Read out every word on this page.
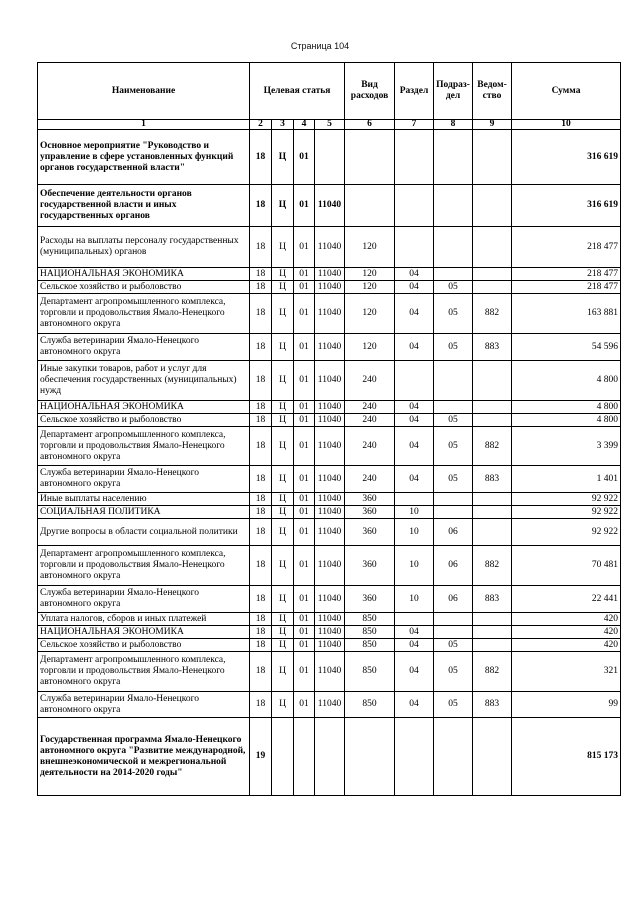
Страница 104
Наименование	Целевая статья				Вид расходов	Раздел	Подраз-дел	Ведом-ство	Сумма
1	2	3	4	5	6	7	8	9	10
Основное мероприятие "Руководство и управление в сфере установленных функций органов государственной власти"	18	Ц	01						316 619
Обеспечение деятельности органов государственной власти и иных государственных органов	18	Ц	01	11040					316 619
Расходы на выплаты персоналу государственных (муниципальных) органов	18	Ц	01	11040	120				218 477
НАЦИОНАЛЬНАЯ ЭКОНОМИКА	18	Ц	01	11040	120	04			218 477
Сельское хозяйство и рыболовство	18	Ц	01	11040	120	04	05		218 477
Департамент агропромышленного комплекса, торговли и продовольствия Ямало-Ненецкого автономного округа	18	Ц	01	11040	120	04	05	882	163 881
Служба ветеринарии Ямало-Ненецкого автономного округа	18	Ц	01	11040	120	04	05	883	54 596
Иные закупки товаров, работ и услуг для обеспечения государственных (муниципальных) нужд	18	Ц	01	11040	240				4 800
НАЦИОНАЛЬНАЯ ЭКОНОМИКА	18	Ц	01	11040	240	04			4 800
Сельское хозяйство и рыболовство	18	Ц	01	11040	240	04	05		4 800
Департамент агропромышленного комплекса, торговли и продовольствия Ямало-Ненецкого автономного округа	18	Ц	01	11040	240	04	05	882	3 399
Служба ветеринарии Ямало-Ненецкого автономного округа	18	Ц	01	11040	240	04	05	883	1 401
Иные выплаты населению	18	Ц	01	11040	360				92 922
СОЦИАЛЬНАЯ ПОЛИТИКА	18	Ц	01	11040	360	10			92 922
Другие вопросы в области социальной политики	18	Ц	01	11040	360	10	06		92 922
Департамент агропромышленного комплекса, торговли и продовольствия Ямало-Ненецкого автономного округа	18	Ц	01	11040	360	10	06	882	70 481
Служба ветеринарии Ямало-Ненецкого автономного округа	18	Ц	01	11040	360	10	06	883	22 441
Уплата налогов, сборов и иных платежей	18	Ц	01	11040	850				420
НАЦИОНАЛЬНАЯ ЭКОНОМИКА	18	Ц	01	11040	850	04			420
Сельское хозяйство и рыболовство	18	Ц	01	11040	850	04	05		420
Департамент агропромышленного комплекса, торговли и продовольствия Ямало-Ненецкого автономного округа	18	Ц	01	11040	850	04	05	882	321
Служба ветеринарии Ямало-Ненецкого автономного округа	18	Ц	01	11040	850	04	05	883	99
Государственная программа Ямало-Ненецкого автономного округа "Развитие международной, внешнеэкономической и межрегиональной деятельности на 2014-2020 годы"	19								815 173
